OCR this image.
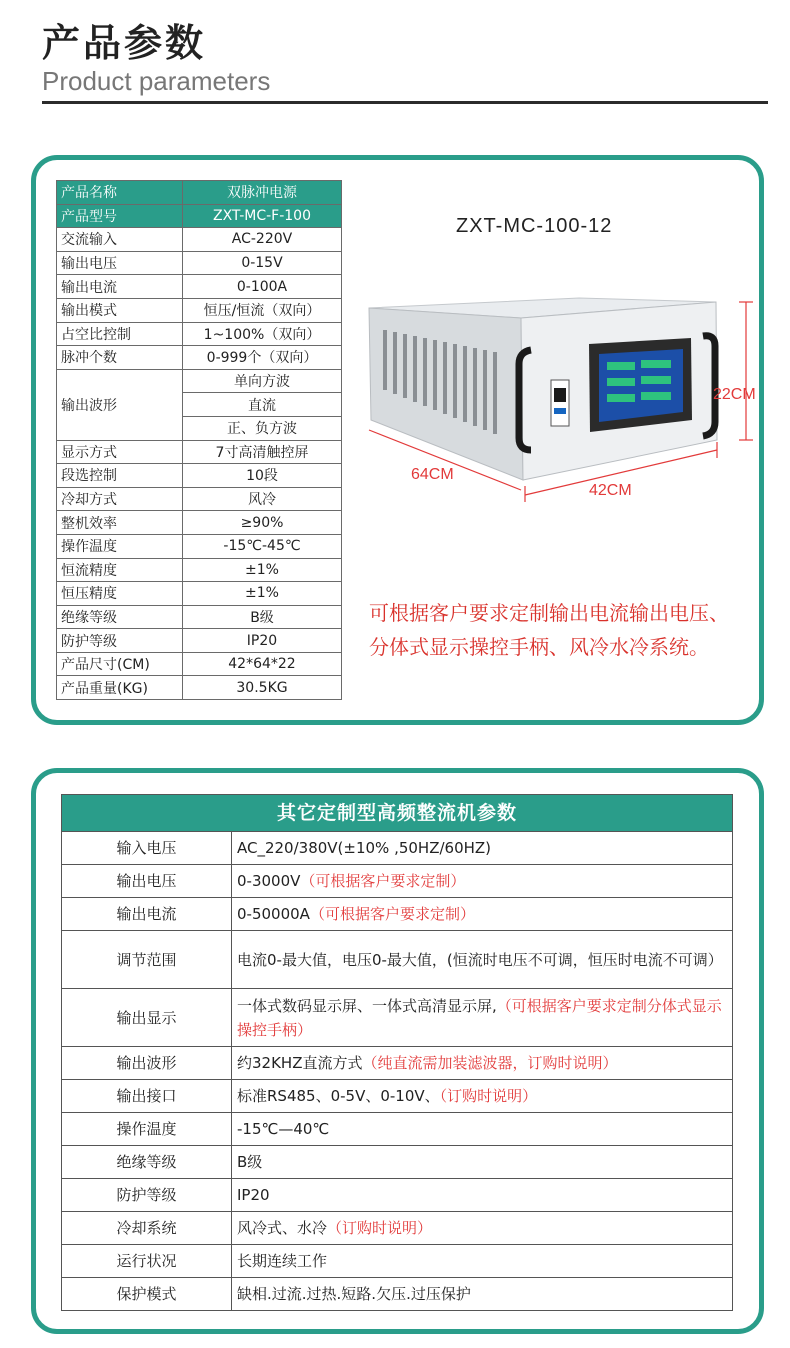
产品参数
Product parameters
产品名称	双脉冲电源
产品型号	ZXT-MC-F-100
交流输入	AC-220V
输出电压	0-15V
输出电流	0-100A
输出模式	恒压/恒流（双向）
占空比控制	1~100%（双向）
脉冲个数	0-999个（双向）
输出波形	单向方波
	直流
	正、负方波
显示方式	7寸高清触控屏
段选控制	10段
冷却方式	风冷
整机效率	≥90%
操作温度	-15℃-45℃
恒流精度	±1%
恒压精度	±1%
绝缘等级	B级
防护等级	IP20
产品尺寸(CM)	42*64*22
产品重量(KG)	30.5KG
ZXT-MC-100-12
22CM
64CM
42CM
可根据客户要求定制输出电流输出电压、分体式显示操控手柄、风冷水冷系统。
其它定制型高频整流机参数	
输入电压	AC_220/380V(±10% ,50HZ/60HZ)
输出电压	0-3000V（可根据客户要求定制）
输出电流	0-50000A（可根据客户要求定制）
调节范围	电流0-最大值，电压0-最大值，(恒流时电压不可调，恒压时电流不可调）
输出显示	一体式数码显示屏、一体式高清显示屏,（可根据客户要求定制分体式显示操控手柄）
输出波形	约32KHZ直流方式（纯直流需加装滤波器，订购时说明）
输出接口	标准RS485、0-5V、0-10V、（订购时说明）
操作温度	-15℃—40℃
绝缘等级	B级
防护等级	IP20
冷却系统	风冷式、水冷（订购时说明）
运行状况	长期连续工作
保护模式	缺相.过流.过热.短路.欠压.过压保护
